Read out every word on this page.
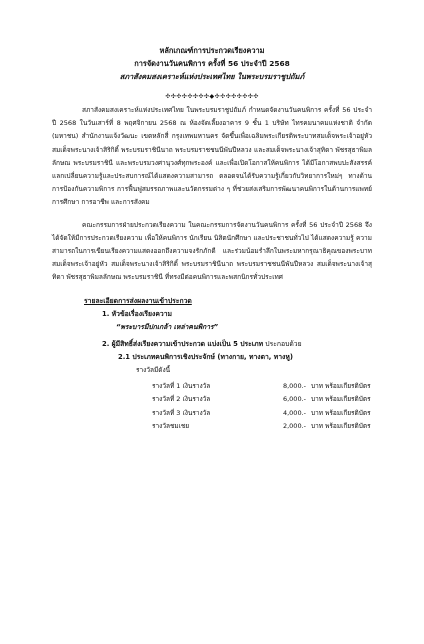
หลักเกณฑ์การประกวดเรียงความ
การจัดงานวันคนพิการ ครั้งที่ 56 ประจำปี 2568
สภาสังคมสงเคราะห์แห่งประเทศไทย ในพระบรมราชูปถัมภ์
✣✣✣✣✣✣✣✣◆✣✣✣✣✣✣✣✣

สภาสังคมสงเคราะห์แห่งประเทศไทย ในพระบรมราชูปถัมภ์ กำหนดจัดงานวันคนพิการ ครั้งที่ 56 ประจำปี 2568 ในวันเสาร์ที่ 8 พฤศจิกายน 2568 ณ ห้องจัดเลี้ยงอาคาร 9 ชั้น 1 บริษัท ไทรคมนาคมแห่งชาติ จำกัด (มหาชน) สำนักงานแจ้งวัฒนะ เขตหลักสี่ กรุงเทพมหานคร จัดขึ้นเพื่อเฉลิมพระเกียรติพระบาทสมเด็จพระเจ้าอยู่หัว สมเด็จพระนางเจ้าสิริกิติ์ พระบรมราชินีนาถ พระบรมราชชนนีพันปีหลวง และสมเด็จพระนางเจ้าสุทิดา พัชรสุธาพิมลลักษณ พระบรมราชินี และพระบรมวงศานุวงศ์ทุกพระองค์ และเพื่อเปิดโอกาสให้คนพิการ ได้มีโอกาสพบปะสังสรรค์ แลกเปลี่ยนความรู้และประสบการณ์ได้แสดงความสามารถ ตลอดจนได้รับความรู้เกี่ยวกับวิทยาการใหม่ๆ ทางด้านการป้องกันความพิการ การฟื้นฟูสมรรถภาพและนวัตกรรมต่าง ๆ ที่ช่วยส่งเสริมการพัฒนาคนพิการในด้านการแพทย์ การศึกษา การอาชีพ และการสังคม

คณะกรรมการฝ่ายประกวดเรียงความ ในคณะกรรมการจัดงานวันคนพิการ ครั้งที่ 56 ประจำปี 2568 จึงได้จัดให้มีการประกวดเรียงความ เพื่อให้คนพิการ นักเรียน นิสิตนักศึกษา และประชาชนทั่วไป ได้แสดงความรู้ ความสามารถในการเขียนเรียงความแสดงออกถึงความจงรักภักดี และร่วมน้อมรำลึกในพระมหากรุณาธิคุณของพระบาทสมเด็จพระเจ้าอยู่หัว สมเด็จพระนางเจ้าสิริกิติ์ พระบรมราชินีนาถ พระบรมราชชนนีพันปีหลวง สมเด็จพระนางเจ้าสุทิดา พัชรสุธาพิมลลักษณ พระบรมราชินี ที่ทรงมีต่อคนพิการและพสกนิกรทั่วประเทศ

รายละเอียดการส่งผลงานเข้าประกวด
1. หัวข้อเรื่องเรียงความ
“พระบารมีปกเกล้า เหล่าคนพิการ”
2. ผู้มีสิทธิ์ส่งเรียงความเข้าประกวด แบ่งเป็น 5 ประเภท ประกอบด้วย
2.1 ประเภทคนพิการเชิงประจักษ์ (ทางกาย, ทางตา, ทางหู)
รางวัลมีดังนี้
รางวัลที่ 1 เงินรางวัล	8,000.- บาท พร้อมเกียรติบัตร
รางวัลที่ 2 เงินรางวัล	6,000.- บาท พร้อมเกียรติบัตร
รางวัลที่ 3 เงินรางวัล	4,000.- บาท พร้อมเกียรติบัตร
รางวัลชมเชย	2,000.- บาท พร้อมเกียรติบัตร
